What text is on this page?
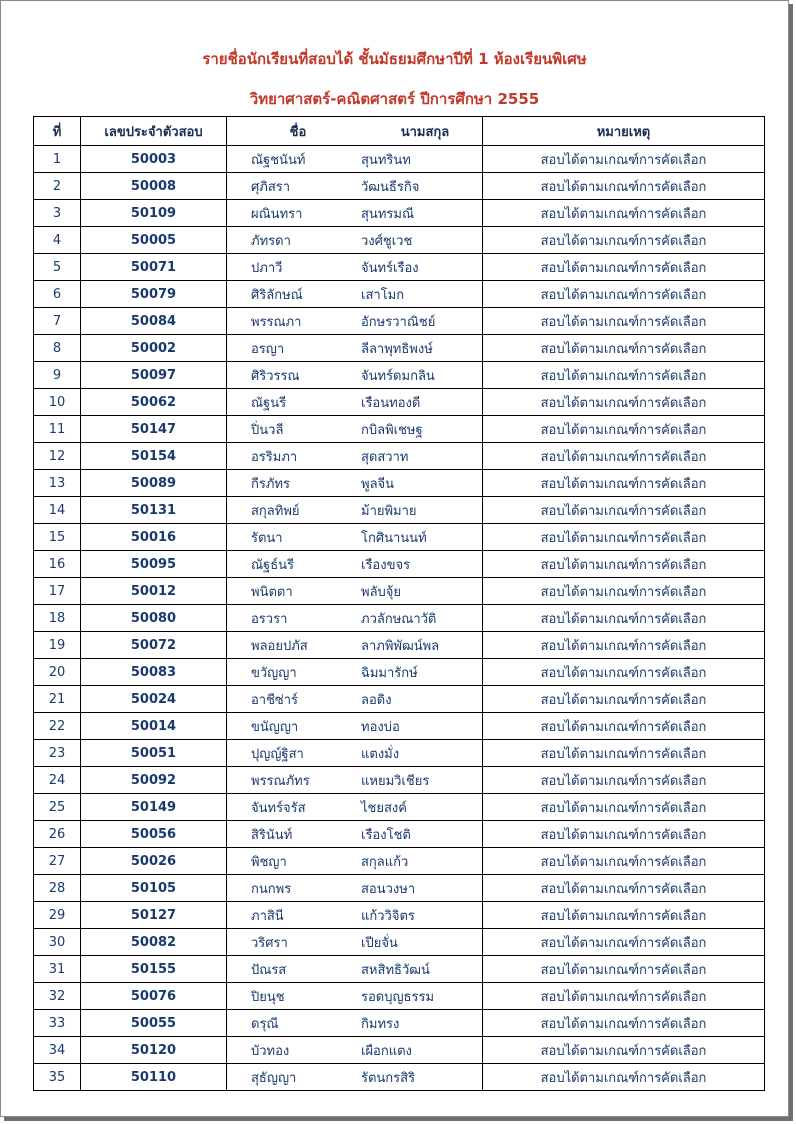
รายชื่อนักเรียนที่สอบได้ ชั้นมัธยมศึกษาปีที่ 1 ห้องเรียนพิเศษ
วิทยาศาสตร์-คณิตศาสตร์ ปีการศึกษา 2555
ที่	เลขประจำตัวสอบ	ชื่อ นามสกุล	หมายเหตุ
1	50003	ณัฐชนันท์ สุนทรินท	สอบได้ตามเกณฑ์การคัดเลือก
2	50008	ศุภิสรา วัฒนธีรกิจ	สอบได้ตามเกณฑ์การคัดเลือก
3	50109	ผณินทรา สุนทรมณี	สอบได้ตามเกณฑ์การคัดเลือก
4	50005	ภัทรดา วงศ์ชูเวช	สอบได้ตามเกณฑ์การคัดเลือก
5	50071	ปภาวี จันทร์เรือง	สอบได้ตามเกณฑ์การคัดเลือก
6	50079	ศิริลักษณ์ เสาโมก	สอบได้ตามเกณฑ์การคัดเลือก
7	50084	พรรณภา อักษรวาณิชย์	สอบได้ตามเกณฑ์การคัดเลือก
8	50002	อรญา ลีลาพุทธิพงษ์	สอบได้ตามเกณฑ์การคัดเลือก
9	50097	ศิริวรรณ จันทร์ดมกลิน	สอบได้ตามเกณฑ์การคัดเลือก
10	50062	ณัฐนรี เรือนทองดี	สอบได้ตามเกณฑ์การคัดเลือก
11	50147	ปิ่นวลี กบิลพิเชษฐ	สอบได้ตามเกณฑ์การคัดเลือก
12	50154	อรริมภา สุดสวาท	สอบได้ตามเกณฑ์การคัดเลือก
13	50089	กีรภัทร พูลจีน	สอบได้ตามเกณฑ์การคัดเลือก
14	50131	สกุลทิพย์ ม้ายพิมาย	สอบได้ตามเกณฑ์การคัดเลือก
15	50016	รัตนา โกศินานนท์	สอบได้ตามเกณฑ์การคัดเลือก
16	50095	ณัฐธ์นรี เรืองขจร	สอบได้ตามเกณฑ์การคัดเลือก
17	50012	พนิตตา พลับจุ้ย	สอบได้ตามเกณฑ์การคัดเลือก
18	50080	อรวรา ภวลักษณาวัติ	สอบได้ตามเกณฑ์การคัดเลือก
19	50072	พลอยปภัส ลาภพิพัฒน์พล	สอบได้ตามเกณฑ์การคัดเลือก
20	50083	ขวัญญา ฉิมมารักษ์	สอบได้ตามเกณฑ์การคัดเลือก
21	50024	อาชีซ่าร์ ลอดิง	สอบได้ตามเกณฑ์การคัดเลือก
22	50014	ขนัญญา ทองบ่อ	สอบได้ตามเกณฑ์การคัดเลือก
23	50051	ปุญญ์ฐิสา แตงมั่ง	สอบได้ตามเกณฑ์การคัดเลือก
24	50092	พรรณภัทร แหยมวิเชียร	สอบได้ตามเกณฑ์การคัดเลือก
25	50149	จันทร์จรัส ไชยสงค์	สอบได้ตามเกณฑ์การคัดเลือก
26	50056	สิรินันท์ เรืองโชติ	สอบได้ตามเกณฑ์การคัดเลือก
27	50026	พิชญา สกุลแก้ว	สอบได้ตามเกณฑ์การคัดเลือก
28	50105	กนกพร สอนวงษา	สอบได้ตามเกณฑ์การคัดเลือก
29	50127	ภาสินี แก้ววิจิตร	สอบได้ตามเกณฑ์การคัดเลือก
30	50082	วริศรา เปียจั่น	สอบได้ตามเกณฑ์การคัดเลือก
31	50155	ปัณรส สหสิทธิวัฒน์	สอบได้ตามเกณฑ์การคัดเลือก
32	50076	ปิยนุช รอดบุญธรรม	สอบได้ตามเกณฑ์การคัดเลือก
33	50055	ดรุณี กิมทรง	สอบได้ตามเกณฑ์การคัดเลือก
34	50120	บัวทอง เผือกแตง	สอบได้ตามเกณฑ์การคัดเลือก
35	50110	สุธัญญา รัตนกรสิริ	สอบได้ตามเกณฑ์การคัดเลือก
